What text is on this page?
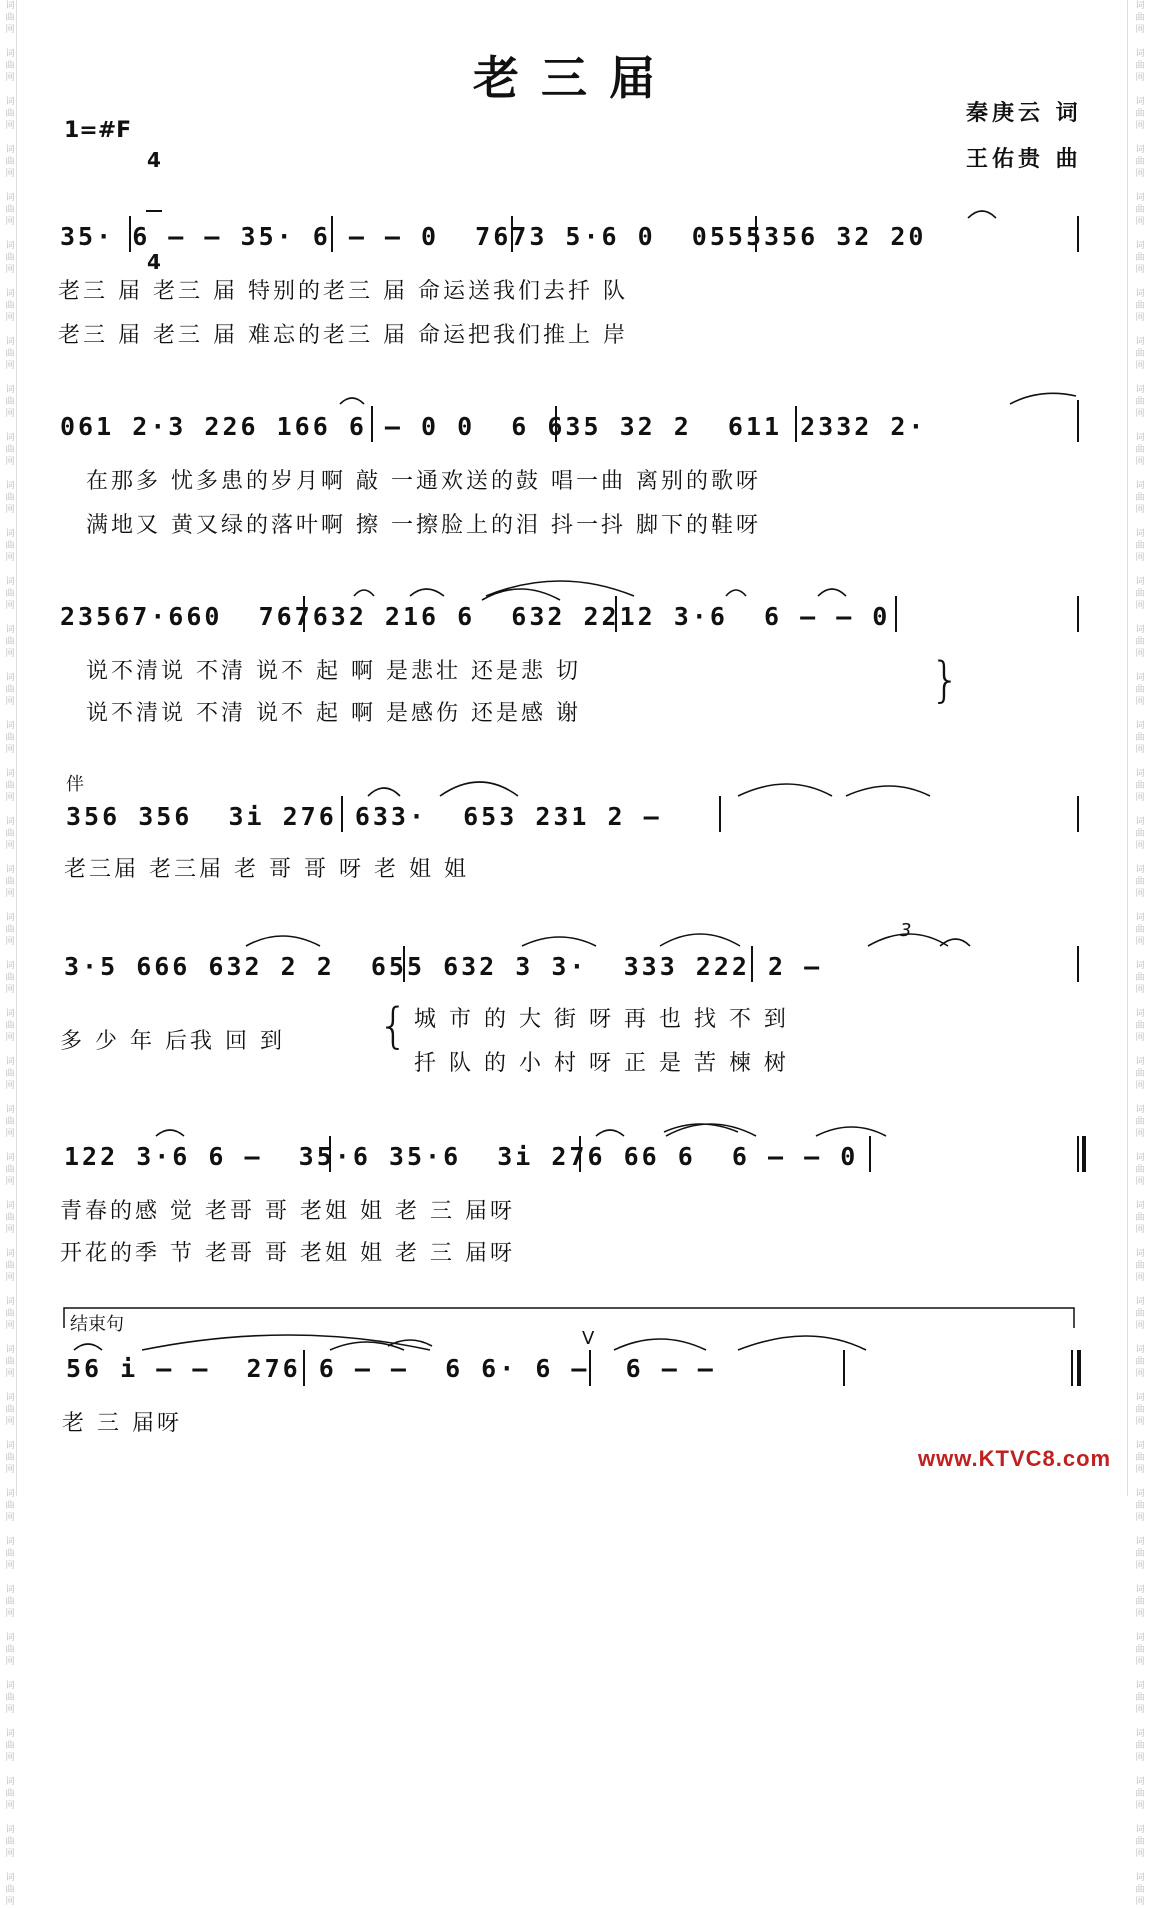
词
曲
网

词
曲
网

词
曲
网

词
曲
网

词
曲
网

词
曲
网

词
曲
网

词
曲
网

词
曲
网

词
曲
网

词
曲
网

词
曲
网

词
曲
网

词
曲
网

词
曲
网

词
曲
网

词
曲
网

词
曲
网

词
曲
网

词
曲
网

词
曲
网

词
曲
网

词
曲
网

词
曲
网

词
曲
网

词
曲
网

词
曲
网

词
曲
网

词
曲
网

词
曲
网

词
曲
网

词
曲
网

词
曲
网

词
曲
网

词
曲
网

词
曲
网

词
曲
网

词
曲
网

词
曲
网

词
曲
网

词
曲
网

词
曲
网

词
曲
网

词
曲
网

词
曲
网

词
曲
网

词
曲
网

词
曲
网

词
曲
网

词
曲
网

词
曲
网

词
曲
网

词
曲
网

词
曲
网

词
曲
网

词
曲
网

词
曲
网

词
曲
网

词
曲
网

词
曲
网

词
曲
网

词
曲
网

词
曲
网

词
曲
网

词
曲
网

词
曲
网

词
曲
网

词
曲
网

词
曲
网

词
曲
网

词
曲
网

词
曲
网

词
曲
网

词
曲
网

词
曲
网

词
曲
网

词
曲
网

词
曲
网

词
曲
网

词
曲
网

老三届
1=#F

4

4

秦庚云 词
王佑贵 曲
35· 6 – – 35· 6 – – 0  7673 5·6 0  0555356 32 20
老三 届 老三 届 特别的老三 届 命运送我们去扦 队
老三 届 老三 届 难忘的老三 届 命运把我们推上 岸
061 2·3 226 166 6 – 0 0  6 635 32 2  611 2332 2·
在那多 忧多患的岁月啊 敲 一通欢送的鼓 唱一曲 离别的歌呀
满地又 黄又绿的落叶啊 擦 一擦脸上的泪 抖一抖 脚下的鞋呀
23567·660  767632 216 6  632 2212 3·6  6 – – 0
说不清说 不清 说不 起 啊 是悲壮 还是悲 切
说不清说 不清 说不 起 啊 是感伤 还是感 谢
}
伴
356 356  3i 276 633·  653 231 2 –
老三届 老三届 老 哥 哥 呀 老 姐 姐
3·5 666 632 2 2  655 632 3 3·  333 222 2 –
3
多 少 年 后我 回 到 { 城 市 的 大 街 呀 再 也 找 不 到
扦 队 的 小 村 呀 正 是 苦 楝 树
122 3·6 6 –  35·6 35·6  3i 276 66 6  6 – – 0
青春的感 觉 老哥 哥 老姐 姐 老 三 届呀
开花的季 节 老哥 哥 老姐 姐 老 三 届呀
结束句
V
56 i – –  276 6 – –  6 6· 6 –  6 – –
老 三 届呀
www.KTVC8.com
